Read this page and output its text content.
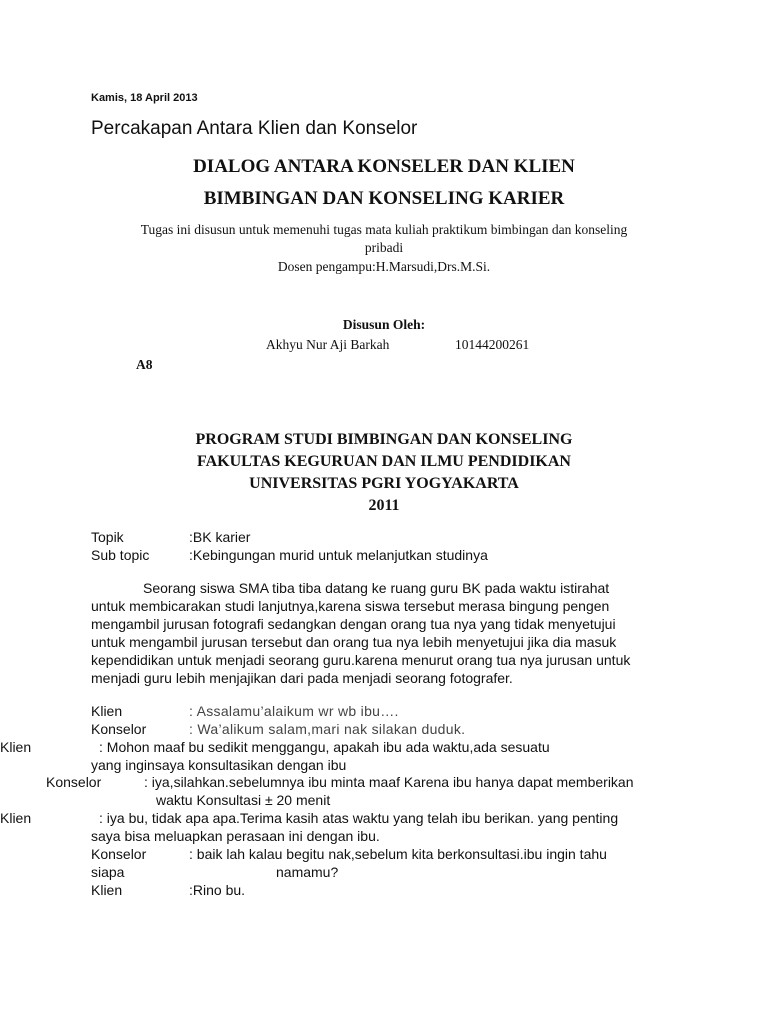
Kamis, 18 April 2013
Percakapan Antara Klien dan Konselor
DIALOG ANTARA KONSELER DAN KLIEN
BIMBINGAN DAN KONSELING KARIER
Tugas ini disusun untuk memenuhi tugas mata kuliah praktikum bimbingan dan konseling
pribadi
Dosen pengampu:H.Marsudi,Drs.M.Si.
Disusun Oleh:
Akhyu Nur Aji Barkah	10144200261
A8
PROGRAM STUDI BIMBINGAN DAN KONSELING
FAKULTAS KEGURUAN DAN ILMU PENDIDIKAN
UNIVERSITAS PGRI YOGYAKARTA
2011
Topik	:BK karier
Sub topic	:Kebingungan murid untuk melanjutkan studinya
Seorang siswa SMA tiba tiba datang ke ruang guru BK pada waktu istirahat
untuk membicarakan studi lanjutnya,karena siswa tersebut merasa bingung pengen
mengambil jurusan fotografi sedangkan dengan orang tua nya yang tidak menyetujui
untuk mengambil jurusan tersebut dan orang tua nya lebih menyetujui jika dia masuk
kependidikan untuk menjadi seorang guru.karena menurut orang tua nya jurusan untuk
menjadi guru lebih menjajikan dari pada menjadi seorang fotografer.
Klien	: Assalamu’alaikum wr wb ibu….
Konselor	: Wa’alikum salam,mari nak silakan duduk.
Klien	: Mohon maaf bu sedikit menggangu, apakah ibu ada waktu,ada sesuatu
yang inginsaya konsultasikan dengan ibu
Konselor	: iya,silahkan.sebelumnya ibu minta maaf Karena ibu hanya dapat memberikan
waktu Konsultasi ± 20 menit
Klien	: iya bu, tidak apa apa.Terima kasih atas waktu yang telah ibu berikan. yang penting
saya bisa meluapkan perasaan ini dengan ibu.
Konselor	: baik lah kalau begitu nak,sebelum kita berkonsultasi.ibu ingin tahu
siapa	namamu?
Klien	:Rino bu.
